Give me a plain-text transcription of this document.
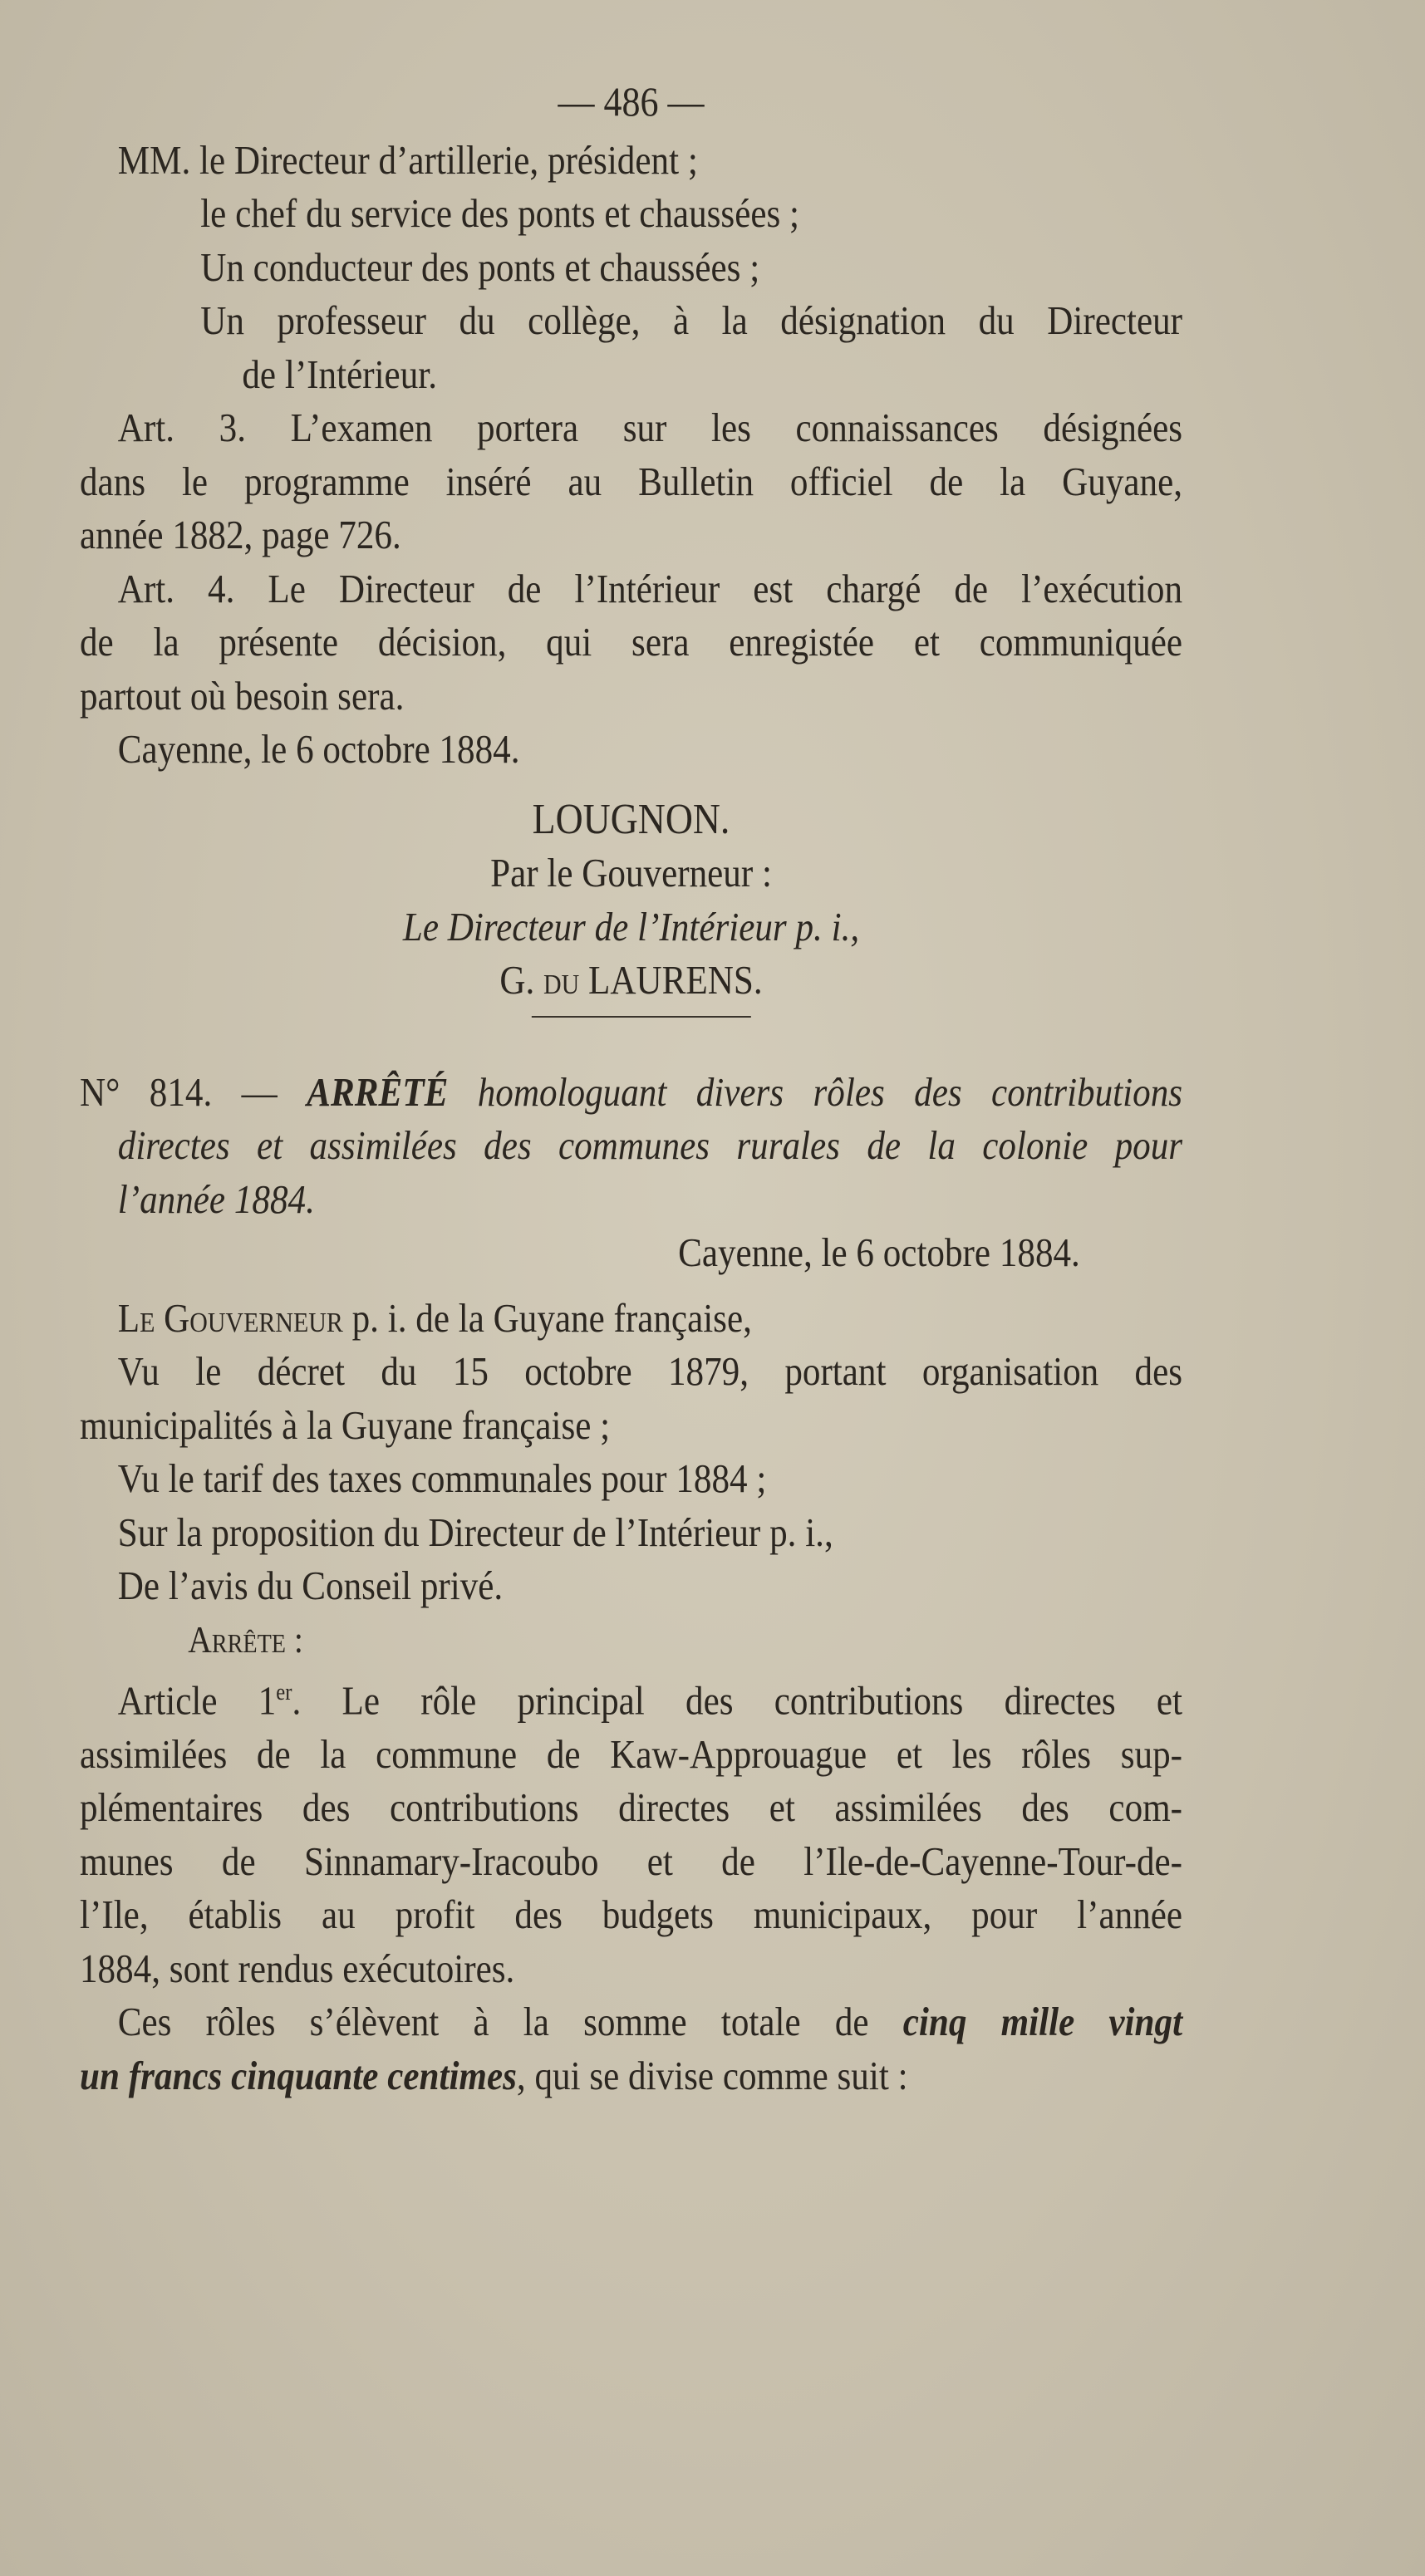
— 486 —

MM. le Directeur d’artillerie, président ;

le chef du service des ponts et chaussées ;

Un conducteur des ponts et chaussées ;

Un professeur du collège, à la désignation du Directeur

de l’Intérieur.

Art. 3. L’examen portera sur les connaissances désignées

dans le programme inséré au Bulletin officiel de la Guyane,

année 1882, page 726.

Art. 4. Le Directeur de l’Intérieur est chargé de l’exécution

de la présente décision, qui sera enregistée et communiquée

partout où besoin sera.

Cayenne, le 6 octobre 1884.

LOUGNON.

Par le Gouverneur :

Le Directeur de l’Intérieur p. i.,

G. du LAURENS.

N° 814. — ARRÊTÉ homologuant divers rôles des contributions

directes et assimilées des communes rurales de la colonie pour

l’année 1884.

Cayenne, le 6 octobre 1884.

Le Gouverneur p. i. de la Guyane française,

Vu le décret du 15 octobre 1879, portant organisation des

municipalités à la Guyane française ;

Vu le tarif des taxes communales pour 1884 ;

Sur la proposition du Directeur de l’Intérieur p. i.,

De l’avis du Conseil privé.

Arrête :

Article 1er. Le rôle principal des contributions directes et

assimilées de la commune de Kaw-Approuague et les rôles sup-

plémentaires des contributions directes et assimilées des com-

munes de Sinnamary-Iracoubo et de l’Ile-de-Cayenne-Tour-de-

l’Ile, établis au profit des budgets municipaux, pour l’année

1884, sont rendus exécutoires.

Ces rôles s’élèvent à la somme totale de cinq mille vingt

un francs cinquante centimes, qui se divise comme suit :
